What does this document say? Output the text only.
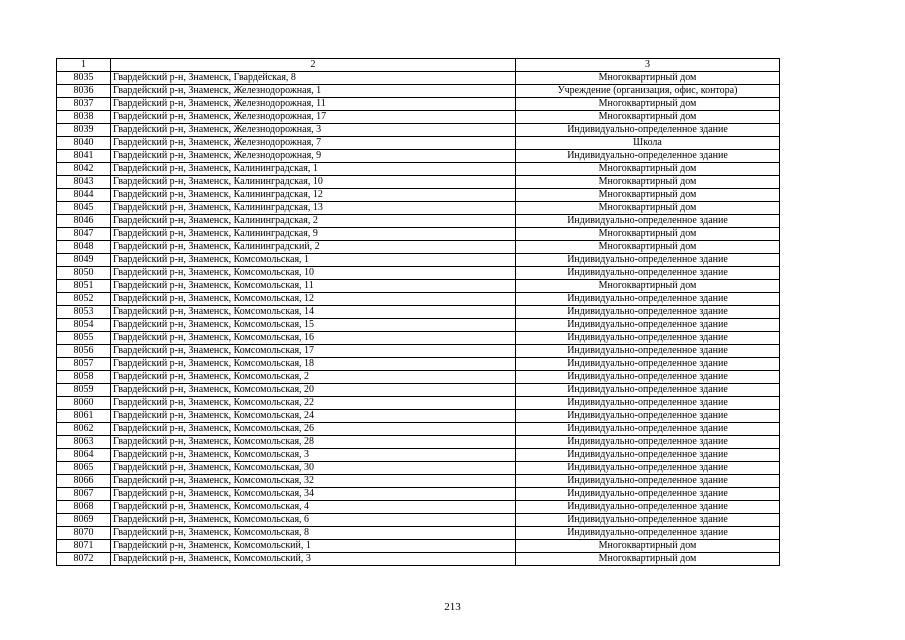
1	2	3
8035	Гвардейский р-н, Знаменск, Гвардейская, 8	Многоквартирный дом
8036	Гвардейский р-н, Знаменск, Железнодорожная, 1	Учреждение (организация, офис, контора)
8037	Гвардейский р-н, Знаменск, Железнодорожная, 11	Многоквартирный дом
8038	Гвардейский р-н, Знаменск, Железнодорожная, 17	Многоквартирный дом
8039	Гвардейский р-н, Знаменск, Железнодорожная, 3	Индивидуально-определенное здание
8040	Гвардейский р-н, Знаменск, Железнодорожная, 7	Школа
8041	Гвардейский р-н, Знаменск, Железнодорожная, 9	Индивидуально-определенное здание
8042	Гвардейский р-н, Знаменск, Калининградская, 1	Многоквартирный дом
8043	Гвардейский р-н, Знаменск, Калининградская, 10	Многоквартирный дом
8044	Гвардейский р-н, Знаменск, Калининградская, 12	Многоквартирный дом
8045	Гвардейский р-н, Знаменск, Калининградская, 13	Многоквартирный дом
8046	Гвардейский р-н, Знаменск, Калининградская, 2	Индивидуально-определенное здание
8047	Гвардейский р-н, Знаменск, Калининградская, 9	Многоквартирный дом
8048	Гвардейский р-н, Знаменск, Калининградский, 2	Многоквартирный дом
8049	Гвардейский р-н, Знаменск, Комсомольская, 1	Индивидуально-определенное здание
8050	Гвардейский р-н, Знаменск, Комсомольская, 10	Индивидуально-определенное здание
8051	Гвардейский р-н, Знаменск, Комсомольская, 11	Многоквартирный дом
8052	Гвардейский р-н, Знаменск, Комсомольская, 12	Индивидуально-определенное здание
8053	Гвардейский р-н, Знаменск, Комсомольская, 14	Индивидуально-определенное здание
8054	Гвардейский р-н, Знаменск, Комсомольская, 15	Индивидуально-определенное здание
8055	Гвардейский р-н, Знаменск, Комсомольская, 16	Индивидуально-определенное здание
8056	Гвардейский р-н, Знаменск, Комсомольская, 17	Индивидуально-определенное здание
8057	Гвардейский р-н, Знаменск, Комсомольская, 18	Индивидуально-определенное здание
8058	Гвардейский р-н, Знаменск, Комсомольская, 2	Индивидуально-определенное здание
8059	Гвардейский р-н, Знаменск, Комсомольская, 20	Индивидуально-определенное здание
8060	Гвардейский р-н, Знаменск, Комсомольская, 22	Индивидуально-определенное здание
8061	Гвардейский р-н, Знаменск, Комсомольская, 24	Индивидуально-определенное здание
8062	Гвардейский р-н, Знаменск, Комсомольская, 26	Индивидуально-определенное здание
8063	Гвардейский р-н, Знаменск, Комсомольская, 28	Индивидуально-определенное здание
8064	Гвардейский р-н, Знаменск, Комсомольская, 3	Индивидуально-определенное здание
8065	Гвардейский р-н, Знаменск, Комсомольская, 30	Индивидуально-определенное здание
8066	Гвардейский р-н, Знаменск, Комсомольская, 32	Индивидуально-определенное здание
8067	Гвардейский р-н, Знаменск, Комсомольская, 34	Индивидуально-определенное здание
8068	Гвардейский р-н, Знаменск, Комсомольская, 4	Индивидуально-определенное здание
8069	Гвардейский р-н, Знаменск, Комсомольская, 6	Индивидуально-определенное здание
8070	Гвардейский р-н, Знаменск, Комсомольская, 8	Индивидуально-определенное здание
8071	Гвардейский р-н, Знаменск, Комсомольский, 1	Многоквартирный дом
8072	Гвардейский р-н, Знаменск, Комсомольский, 3	Многоквартирный дом
213
